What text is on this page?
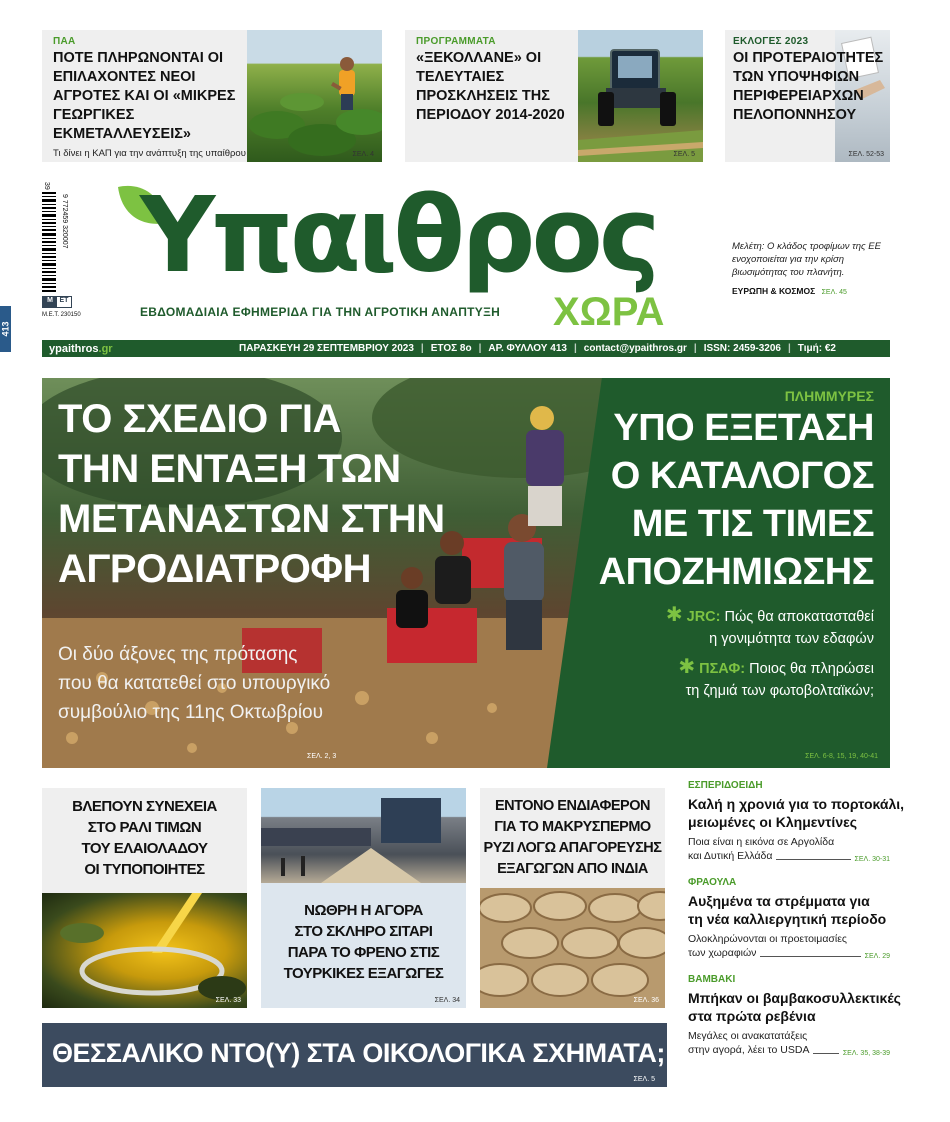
413
ΠΑΑ
ΠΟΤΕ ΠΛΗΡΩΝΟΝΤΑΙ ΟΙ ΕΠΙΛΑΧΟΝΤΕΣ ΝΕΟΙ ΑΓΡΟΤΕΣ ΚΑΙ ΟΙ «ΜΙΚΡΕΣ ΓΕΩΡΓΙΚΕΣ ΕΚΜΕΤΑΛΛΕΥΣΕΙΣ»
Τι δίνει η ΚΑΠ για την ανάπτυξη της υπαίθρου	ΣΕΛ. 4
ΠΡΟΓΡΑΜΜΑΤΑ
«ΞΕΚΟΛΛΑΝΕ» ΟΙ ΤΕΛΕΥΤΑΙΕΣ ΠΡΟΣΚΛΗΣΕΙΣ ΤΗΣ ΠΕΡΙΟΔΟΥ 2014-2020
ΣΕΛ. 5
ΕΚΛΟΓΕΣ 2023
ΟΙ ΠΡΟΤΕΡΑΙΟΤΗΤΕΣ ΤΩΝ ΥΠΟΨΗΦΙΩΝ ΠΕΡΙΦΕΡΕΙΑΡΧΩΝ ΠΕΛΟΠΟΝΝΗΣΟΥ
ΣΕΛ. 52-53
39
9 772459 320007
Μ ΕΤ
Μ.Ε.Τ. 230150
Υπαιθρος
ΧΩΡΑ
ΕΒΔΟΜΑΔΙΑΙΑ ΕΦΗΜΕΡΙΔΑ ΓΙΑ ΤΗΝ ΑΓΡΟΤΙΚΗ ΑΝΑΠΤΥΞΗ
Μελέτη: Ο κλάδος τροφίμων της ΕΕ ενοχοποιείται για την κρίση βιωσιμότητας του πλανήτη.
ΕΥΡΩΠΗ & ΚΟΣΜΟΣ ΣΕΛ. 45
ypaithros.gr	ΠΑΡΑΣΚΕΥΗ 29 ΣΕΠΤΕΜΒΡΙΟΥ 2023 | ΕΤΟΣ 8ο | ΑΡ. ΦΥΛΛΟΥ 413 | contact@ypaithros.gr | ISSN: 2459-3206 | Τιμή: €2
ΤΟ ΣΧΕΔΙΟ ΓΙΑ
ΤΗΝ ΕΝΤΑΞΗ ΤΩΝ
ΜΕΤΑΝΑΣΤΩΝ ΣΤΗΝ
ΑΓΡΟΔΙΑΤΡΟΦΗ
Οι δύο άξονες της πρότασης
που θα κατατεθεί στο υπουργικό
συμβούλιο της 11ης Οκτωβρίου
ΣΕΛ. 2, 3
ΠΛΗΜΜΥΡΕΣ
ΥΠΟ ΕΞΕΤΑΣΗ
Ο ΚΑΤΑΛΟΓΟΣ
ΜΕ ΤΙΣ ΤΙΜΕΣ
ΑΠΟΖΗΜΙΩΣΗΣ
✱ JRC: Πώς θα αποκατασταθεί
η γονιμότητα των εδαφών
✱ ΠΣΑΦ: Ποιος θα πληρώσει
τη ζημιά των φωτοβολταϊκών;
ΣΕΛ. 6-8, 15, 19, 40-41
ΒΛΕΠΟΥΝ ΣΥΝΕΧΕΙΑ
ΣΤΟ ΡΑΛΙ ΤΙΜΩΝ
ΤΟΥ ΕΛΑΙΟΛΑΔΟΥ
ΟΙ ΤΥΠΟΠΟΙΗΤΕΣ
ΣΕΛ. 33
ΝΩΘΡΗ Η ΑΓΟΡΑ
ΣΤΟ ΣΚΛΗΡΟ ΣΙΤΑΡΙ
ΠΑΡΑ ΤΟ ΦΡΕΝΟ ΣΤΙΣ
ΤΟΥΡΚΙΚΕΣ ΕΞΑΓΩΓΕΣ
ΣΕΛ. 34
ΕΝΤΟΝΟ ΕΝΔΙΑΦΕΡΟΝ
ΓΙΑ ΤΟ ΜΑΚΡΥΣΠΕΡΜΟ
ΡΥΖΙ ΛΟΓΩ ΑΠΑΓΟΡΕΥΣΗΣ
ΕΞΑΓΩΓΩΝ ΑΠΟ ΙΝΔΙΑ
ΣΕΛ. 36
ΘΕΣΣΑΛΙΚΟ ΝΤΟ(Υ) ΣΤΑ ΟΙΚΟΛΟΓΙΚΑ ΣΧΗΜΑΤΑ;
ΣΕΛ. 5
ΕΣΠΕΡΙΔΟΕΙΔΗ
Καλή η χρονιά για το πορτοκάλι,
μειωμένες οι Κλημεντίνες
Ποια είναι η εικόνα σε Αργολίδα
και Δυτική Ελλάδα	ΣΕΛ. 30-31
ΦΡΑΟΥΛΑ
Αυξημένα τα στρέμματα για
τη νέα καλλιεργητική περίοδο
Ολοκληρώνονται οι προετοιμασίες
των χωραφιών	ΣΕΛ. 29
ΒΑΜΒΑΚΙ
Μπήκαν οι βαμβακοσυλλεκτικές
στα πρώτα ρεβένια
Μεγάλες οι ανακατατάξεις
στην αγορά, λέει το USDA	ΣΕΛ. 35, 38-39
